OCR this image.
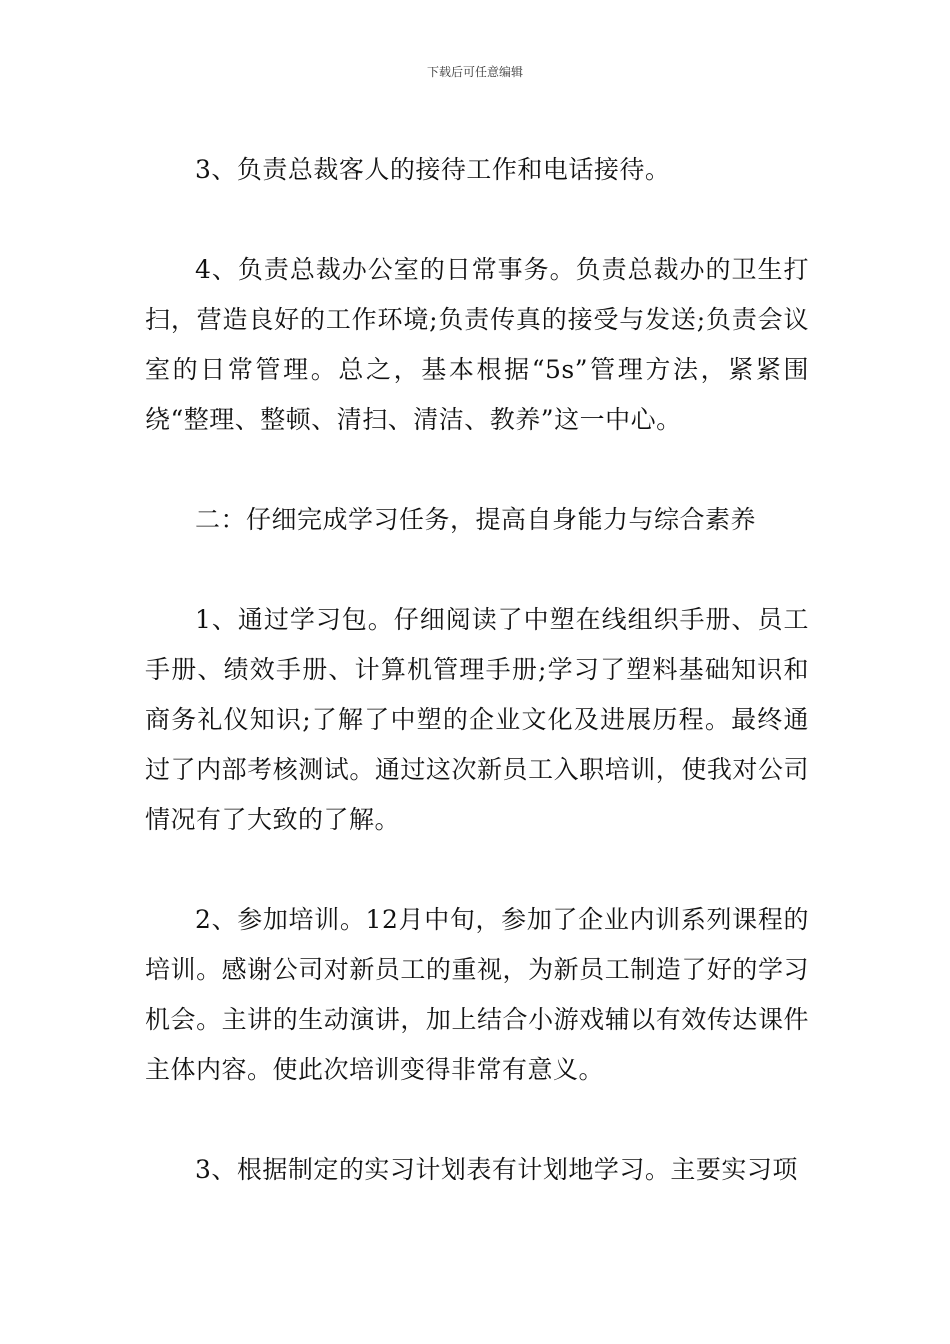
下载后可任意编辑

3、负责总裁客人的接待工作和电话接待。

4、负责总裁办公室的日常事务。负责总裁办的卫生打扫，营造良好的工作环境;负责传真的接受与发送;负责会议室的日常管理。总之，基本根据“5s”管理方法，紧紧围绕“整理、整顿、清扫、清洁、教养”这一中心。

二：仔细完成学习任务，提高自身能力与综合素养

1、通过学习包。仔细阅读了中塑在线组织手册、员工手册、绩效手册、计算机管理手册;学习了塑料基础知识和商务礼仪知识;了解了中塑的企业文化及进展历程。最终通过了内部考核测试。通过这次新员工入职培训，使我对公司情况有了大致的了解。

2、参加培训。12月中旬，参加了企业内训系列课程的培训。感谢公司对新员工的重视，为新员工制造了好的学习机会。主讲的生动演讲，加上结合小游戏辅以有效传达课件主体内容。使此次培训变得非常有意义。

3、根据制定的实习计划表有计划地学习。主要实习项
